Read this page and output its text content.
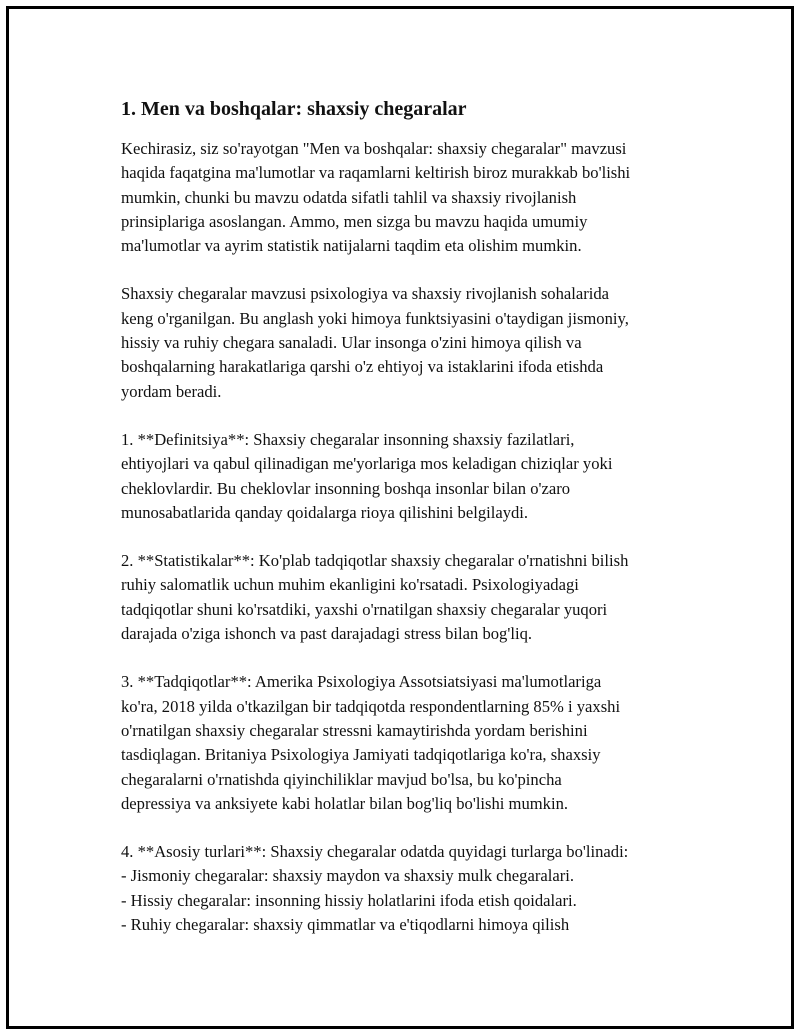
1. Men va boshqalar: shaxsiy chegaralar

Kechirasiz, siz so'rayotgan "Men va boshqalar: shaxsiy chegaralar" mavzusi
haqida faqatgina ma'lumotlar va raqamlarni keltirish biroz murakkab bo'lishi
mumkin, chunki bu mavzu odatda sifatli tahlil va shaxsiy rivojlanish
prinsiplariga asoslangan. Ammo, men sizga bu mavzu haqida umumiy
ma'lumotlar va ayrim statistik natijalarni taqdim eta olishim mumkin.

Shaxsiy chegaralar mavzusi psixologiya va shaxsiy rivojlanish sohalarida
keng o'rganilgan. Bu anglash yoki himoya funktsiyasini o'taydigan jismoniy,
hissiy va ruhiy chegara sanaladi. Ular insonga o'zini himoya qilish va
boshqalarning harakatlariga qarshi o'z ehtiyoj va istaklarini ifoda etishda
yordam beradi.

1. **Definitsiya**: Shaxsiy chegaralar insonning shaxsiy fazilatlari,
ehtiyojlari va qabul qilinadigan me'yorlariga mos keladigan chiziqlar yoki
cheklovlardir. Bu cheklovlar insonning boshqa insonlar bilan o'zaro
munosabatlarida qanday qoidalarga rioya qilishini belgilaydi.

2. **Statistikalar**: Ko'plab tadqiqotlar shaxsiy chegaralar o'rnatishni bilish
ruhiy salomatlik uchun muhim ekanligini ko'rsatadi. Psixologiyadagi
tadqiqotlar shuni ko'rsatdiki, yaxshi o'rnatilgan shaxsiy chegaralar yuqori
darajada o'ziga ishonch va past darajadagi stress bilan bog'liq.

3. **Tadqiqotlar**: Amerika Psixologiya Assotsiatsiyasi ma'lumotlariga
ko'ra, 2018 yilda o'tkazilgan bir tadqiqotda respondentlarning 85% i yaxshi
o'rnatilgan shaxsiy chegaralar stressni kamaytirishda yordam berishini
tasdiqlagan. Britaniya Psixologiya Jamiyati tadqiqotlariga ko'ra, shaxsiy
chegaralarni o'rnatishda qiyinchiliklar mavjud bo'lsa, bu ko'pincha
depressiya va anksiyete kabi holatlar bilan bog'liq bo'lishi mumkin.

4. **Asosiy turlari**: Shaxsiy chegaralar odatda quyidagi turlarga bo'linadi:
- Jismoniy chegaralar: shaxsiy maydon va shaxsiy mulk chegaralari.
- Hissiy chegaralar: insonning hissiy holatlarini ifoda etish qoidalari.
- Ruhiy chegaralar: shaxsiy qimmatlar va e'tiqodlarni himoya qilish
